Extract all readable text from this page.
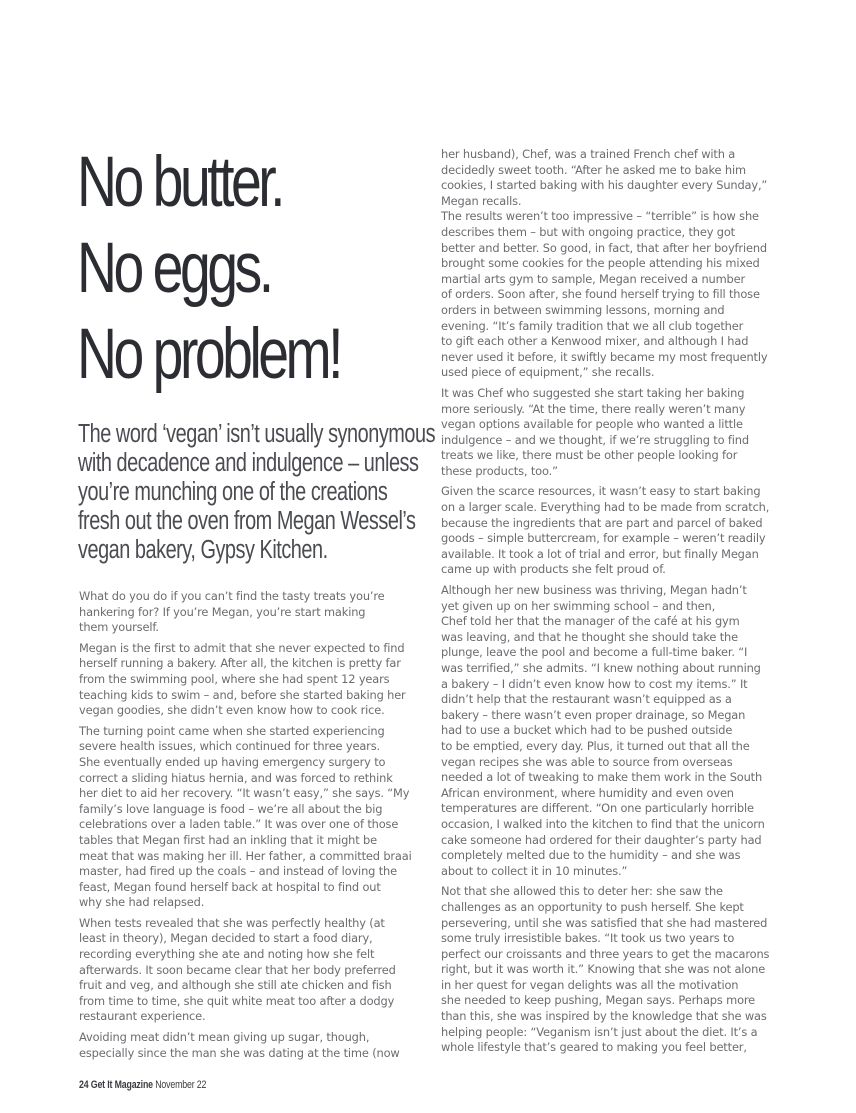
No butter.
No eggs.
No problem!
The word ‘vegan’ isn’t usually synonymous
with decadence and indulgence – unless
you’re munching one of the creations
fresh out the oven from Megan Wessel’s
vegan bakery, Gypsy Kitchen.

What do you do if you can’t find the tasty treats you’re
hankering for? If you’re Megan, you’re start making
them yourself.

Megan is the first to admit that she never expected to find
herself running a bakery. After all, the kitchen is pretty far
from the swimming pool, where she had spent 12 years
teaching kids to swim – and, before she started baking her
vegan goodies, she didn’t even know how to cook rice.

The turning point came when she started experiencing
severe health issues, which continued for three years.
She eventually ended up having emergency surgery to
correct a sliding hiatus hernia, and was forced to rethink
her diet to aid her recovery. “It wasn’t easy,” she says. “My
family’s love language is food – we’re all about the big
celebrations over a laden table.” It was over one of those
tables that Megan first had an inkling that it might be
meat that was making her ill. Her father, a committed braai
master, had fired up the coals – and instead of loving the
feast, Megan found herself back at hospital to find out
why she had relapsed.

When tests revealed that she was perfectly healthy (at
least in theory), Megan decided to start a food diary,
recording everything she ate and noting how she felt
afterwards. It soon became clear that her body preferred
fruit and veg, and although she still ate chicken and fish
from time to time, she quit white meat too after a dodgy
restaurant experience.

Avoiding meat didn’t mean giving up sugar, though,
especially since the man she was dating at the time (now

her husband), Chef, was a trained French chef with a
decidedly sweet tooth. “After he asked me to bake him
cookies, I started baking with his daughter every Sunday,”
Megan recalls.

The results weren’t too impressive – “terrible” is how she
describes them – but with ongoing practice, they got
better and better. So good, in fact, that after her boyfriend
brought some cookies for the people attending his mixed
martial arts gym to sample, Megan received a number
of orders. Soon after, she found herself trying to fill those
orders in between swimming lessons, morning and
evening. “It’s family tradition that we all club together
to gift each other a Kenwood mixer, and although I had
never used it before, it swiftly became my most frequently
used piece of equipment,” she recalls.

It was Chef who suggested she start taking her baking
more seriously. “At the time, there really weren’t many
vegan options available for people who wanted a little
indulgence – and we thought, if we’re struggling to find
treats we like, there must be other people looking for
these products, too.”

Given the scarce resources, it wasn’t easy to start baking
on a larger scale. Everything had to be made from scratch,
because the ingredients that are part and parcel of baked
goods – simple buttercream, for example – weren’t readily
available. It took a lot of trial and error, but finally Megan
came up with products she felt proud of.

Although her new business was thriving, Megan hadn’t
yet given up on her swimming school – and then,
Chef told her that the manager of the café at his gym
was leaving, and that he thought she should take the
plunge, leave the pool and become a full-time baker. “I
was terrified,” she admits. “I knew nothing about running
a bakery – I didn’t even know how to cost my items.” It
didn’t help that the restaurant wasn’t equipped as a
bakery – there wasn’t even proper drainage, so Megan
had to use a bucket which had to be pushed outside
to be emptied, every day. Plus, it turned out that all the
vegan recipes she was able to source from overseas
needed a lot of tweaking to make them work in the South
African environment, where humidity and even oven
temperatures are different. “On one particularly horrible
occasion, I walked into the kitchen to find that the unicorn
cake someone had ordered for their daughter’s party had
completely melted due to the humidity – and she was
about to collect it in 10 minutes.”

Not that she allowed this to deter her: she saw the
challenges as an opportunity to push herself. She kept
persevering, until she was satisfied that she had mastered
some truly irresistible bakes. “It took us two years to
perfect our croissants and three years to get the macarons
right, but it was worth it.” Knowing that she was not alone
in her quest for vegan delights was all the motivation
she needed to keep pushing, Megan says. Perhaps more
than this, she was inspired by the knowledge that she was
helping people: “Veganism isn’t just about the diet. It’s a
whole lifestyle that’s geared to making you feel better,

24 Get It Magazine November 22
